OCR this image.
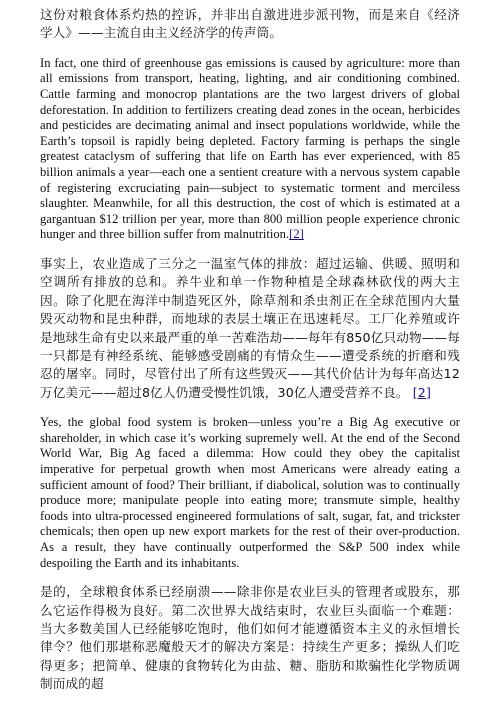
这份对粮食体系灼热的控诉，并非出自激进进步派刊物，而是来自《经济学人》——主流自由主义经济学的传声筒。

In fact, one third of greenhouse gas emissions is caused by agriculture: more than all emissions from transport, heating, lighting, and air conditioning combined. Cattle farming and monocrop plantations are the two largest drivers of global deforestation. In addition to fertilizers creating dead zones in the ocean, herbicides and pesticides are decimating animal and insect populations worldwide, while the Earth’s topsoil is rapidly being depleted. Factory farming is perhaps the single greatest cataclysm of suffering that life on Earth has ever experienced, with 85 billion animals a year—each one a sentient creature with a nervous system capable of registering excruciating pain—subject to systematic torment and merciless slaughter. Meanwhile, for all this destruction, the cost of which is estimated at a gargantuan $12 trillion per year, more than 800 million people experience chronic hunger and three billion suffer from malnutrition.[2]

事实上，农业造成了三分之一温室气体的排放：超过运输、供暖、照明和空调所有排放的总和。养牛业和单一作物种植是全球森林砍伐的两大主因。除了化肥在海洋中制造死区外，除草剂和杀虫剂正在全球范围内大量毁灭动物和昆虫种群，而地球的表层土壤正在迅速耗尽。工厂化养殖或许是地球生命有史以来最严重的单一苦难浩劫——每年有850亿只动物——每一只都是有神经系统、能够感受剧痛的有情众生——遭受系统的折磨和残忍的屠宰。同时，尽管付出了所有这些毁灭——其代价估计为每年高达12万亿美元——超过8亿人仍遭受慢性饥饿，30亿人遭受营养不良。 [2]

Yes, the global food system is broken—unless you’re a Big Ag executive or shareholder, in which case it’s working supremely well. At the end of the Second World War, Big Ag faced a dilemma: How could they obey the capitalist imperative for perpetual growth when most Americans were already eating a sufficient amount of food? Their brilliant, if diabolical, solution was to continually produce more; manipulate people into eating more; transmute simple, healthy foods into ultra-processed engineered formulations of salt, sugar, fat, and trickster chemicals; then open up new export markets for the rest of their over-production. As a result, they have continually outperformed the S&P 500 index while despoiling the Earth and its inhabitants.

是的，全球粮食体系已经崩溃——除非你是农业巨头的管理者或股东，那么它运作得极为良好。第二次世界大战结束时，农业巨头面临一个难题：当大多数美国人已经能够吃饱时，他们如何才能遵循资本主义的永恒增长律令？他们那堪称恶魔般天才的解决方案是：持续生产更多；操纵人们吃得更多；把简单、健康的食物转化为由盐、糖、脂肪和欺骗性化学物质调制而成的超
